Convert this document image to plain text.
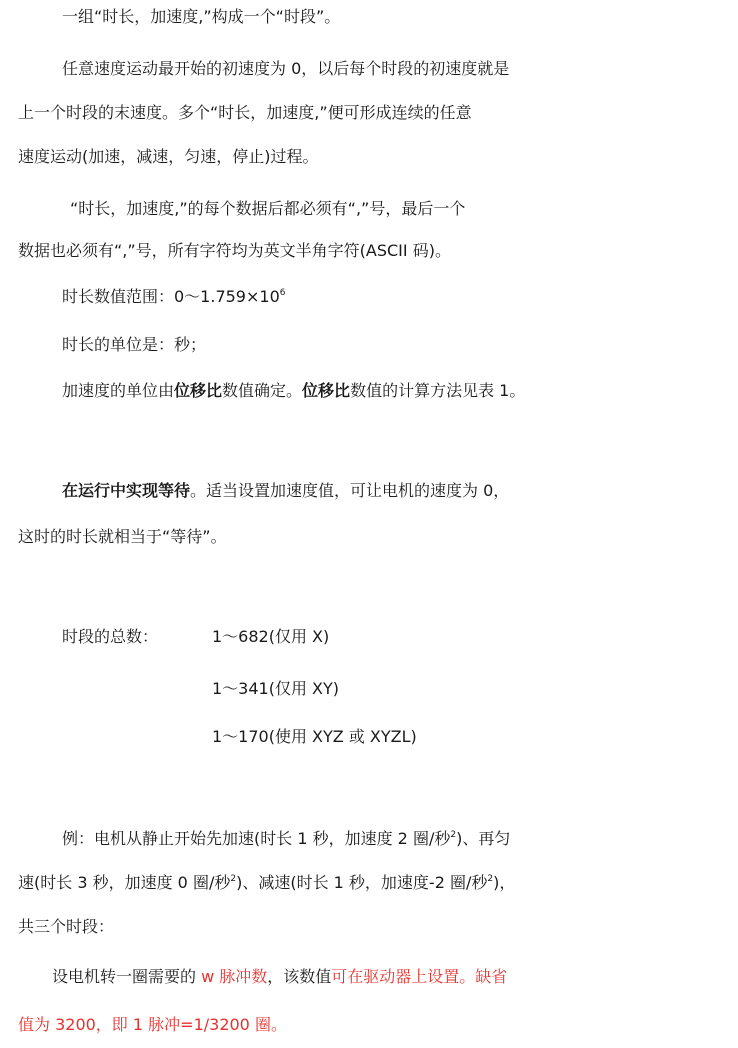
一组“时长，加速度,”构成一个“时段”。
任意速度运动最开始的初速度为 0，以后每个时段的初速度就是
上一个时段的末速度。多个“时长，加速度,”便可形成连续的任意
速度运动(加速，减速，匀速，停止)过程。
“时长，加速度,”的每个数据后都必须有“,”号，最后一个
数据也必须有“,”号，所有字符均为英文半角字符(ASCII 码)。
时长数值范围：$0\sim 1.759\times 10^6$
时长的单位是：秒；
加速度的单位由位移比数值确定。位移比数值的计算方法见表 1。
在运行中实现等待。适当设置加速度值，可让电机的速度为 0，
这时的时长就相当于“等待”。
时段的总数：	1～682(仅用 X)
1～341(仅用 XY)
1～170(使用 XYZ 或 XYZL)
例：电机从静止开始先加速(时长 1 秒，加速度 2 圈/秒$^2$)、再匀
速(时长 3 秒，加速度 0 圈/秒$^2$)、减速(时长 1 秒，加速度-2 圈/秒$^2$)，
共三个时段：
设电机转一圈需要的 w 脉冲数，该数值可在驱动器上设置。缺省
值为 3200，即 1 脉冲=1/3200 圈。
